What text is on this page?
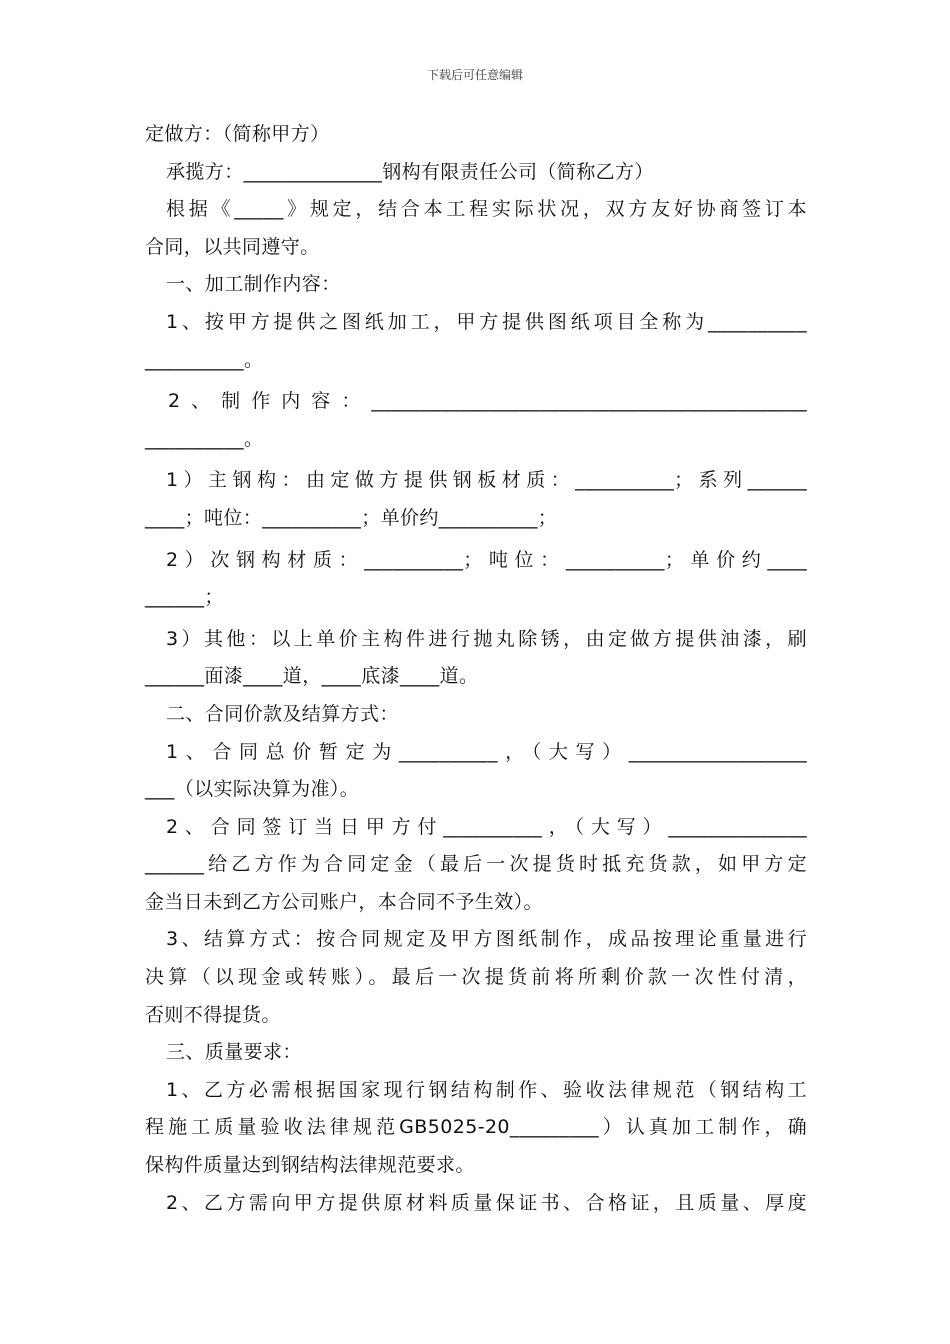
下载后可任意编辑
定做方：（简称甲方）
承揽方：______________钢构有限责任公司（简称乙方）
根据《_____》规定，结合本工程实际状况，双方友好协商签订本
合同，以共同遵守。
一、加工制作内容：
1、按甲方提供之图纸加工，甲方提供图纸项目全称为__________
__________。
2、制作内容：____________________________________________
__________。
1）主钢构：由定做方提供钢板材质：__________；系列______
____；吨位：__________；单价约__________；
2）次钢构材质：__________；吨位：__________；单价约____
______；
3）其他：以上单价主构件进行抛丸除锈，由定做方提供油漆，刷
______面漆____道，____底漆____道。
二、合同价款及结算方式：
1、合同总价暂定为__________，（大写）__________________
___（以实际决算为准）。
2、合同签订当日甲方付__________，（大写）______________
______给乙方作为合同定金（最后一次提货时抵充货款，如甲方定
金当日未到乙方公司账户，本合同不予生效）。
3、结算方式：按合同规定及甲方图纸制作，成品按理论重量进行
决算（以现金或转账）。最后一次提货前将所剩价款一次性付清，
否则不得提货。
三、质量要求：
1、乙方必需根据国家现行钢结构制作、验收法律规范（钢结构工
程施工质量验收法律规范GB5025-20_________）认真加工制作，确
保构件质量达到钢结构法律规范要求。
2、乙方需向甲方提供原材料质量保证书、合格证，且质量、厚度
